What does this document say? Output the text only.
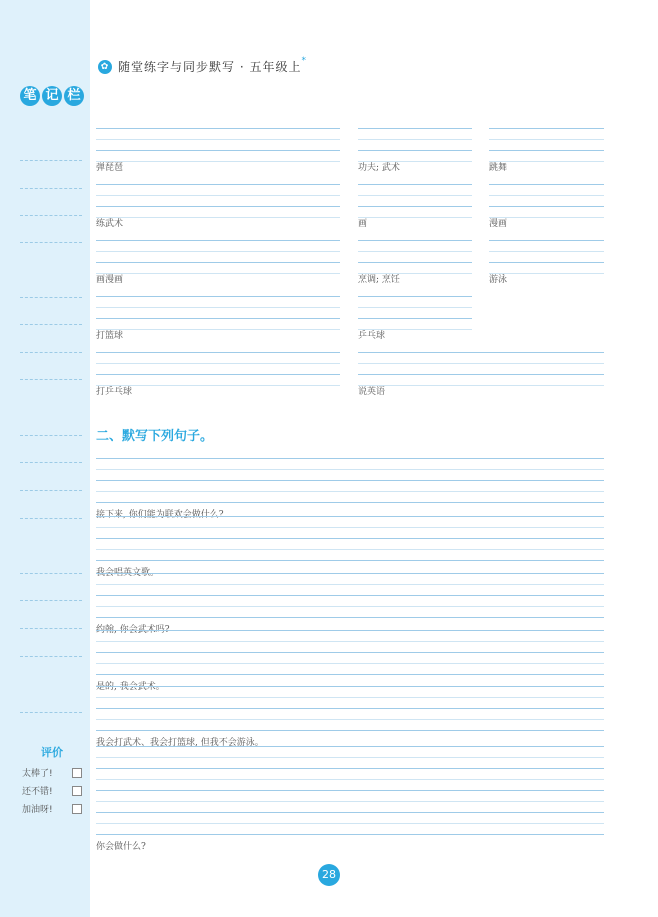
笔 记 栏
评价
太棒了!
还不错!
加油呀!
✿ 随堂练字与同步默写 · 五年级上 *
弹琵琶	功夫; 武术	跳舞
练武术	画	漫画
画漫画	烹调; 烹饪	游泳
打篮球	乒乓球
打乒乓球	说英语
二、默写下列句子。
接下来, 你们能为联欢会做什么?
我会唱英文歌。
约翰, 你会武术吗?
是的, 我会武术。
我会打武术、我会打篮球, 但我不会游泳。
你会做什么?
28
